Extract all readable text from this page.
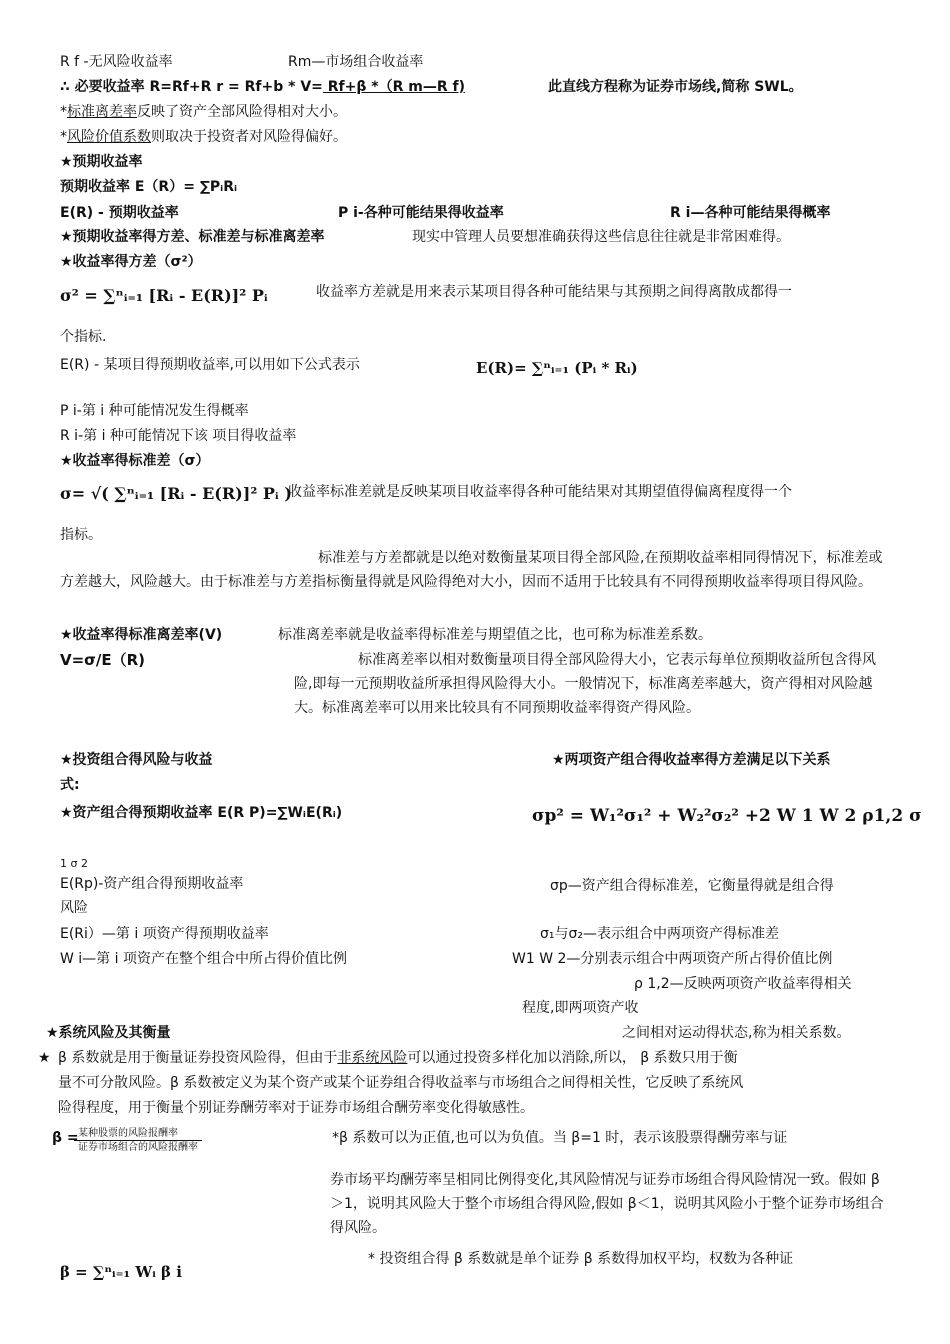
R f -无风险收益率	Rm—市场组合收益率
∴ 必要收益率 R=Rf+R r = Rf+b * V= Rf+β *（R m—R f)	此直线方程称为证券市场线,简称 SWL。
*标准离差率反映了资产全部风险得相对大小。
*风险价值系数则取决于投资者对风险得偏好。
★预期收益率
预期收益率 E（R）= ∑PᵢRᵢ
E(R) - 预期收益率	P i-各种可能结果得收益率	R i—各种可能结果得概率
★预期收益率得方差、标准差与标准离差率	现实中管理人员要想准确获得这些信息往往就是非常困难得。
★收益率得方差（σ²）
σ² = ∑ⁿᵢ₌₁ [Rᵢ - E(R)]² Pᵢ	收益率方差就是用来表示某项目得各种可能结果与其预期之间得离散成都得一
个指标.
E(R) - 某项目得预期收益率,可以用如下公式表示	E(R)= ∑ⁿᵢ₌₁ (Pᵢ * Rᵢ)
P i-第 i 种可能情况发生得概率
R i-第 i 种可能情况下该 项目得收益率
★收益率得标准差（σ）
σ= √( ∑ⁿᵢ₌₁ [Rᵢ - E(R)]² Pᵢ )
收益率标准差就是反映某项目收益率得各种可能结果对其期望值得偏离程度得一个
指标。
标准差与方差都就是以绝对数衡量某项目得全部风险,在预期收益率相同得情况下，标准差或方差越大，风险越大。由于标准差与方差指标衡量得就是风险得绝对大小，因而不适用于比较具有不同得预期收益率得项目得风险。
★收益率得标准离差率(V)	标准离差率就是收益率得标准差与期望值之比，也可称为标准差系数。
V=σ/E（R)	标准离差率以相对数衡量项目得全部风险得大小，它表示每单位预期收益所包含得风险,即每一元预期收益所承担得风险得大小。一般情况下，标准离差率越大，资产得相对风险越大。标准离差率可以用来比较具有不同预期收益率得资产得风险。
★投资组合得风险与收益	★两项资产组合得收益率得方差满足以下关系
式:
★资产组合得预期收益率 E(R P)=∑WᵢE(Rᵢ)	σp² = W₁²σ₁² + W₂²σ₂² +2 W 1 W 2 ρ1,2 σ
1 σ 2
E(Rp)-资产组合得预期收益率	σp—资产组合得标准差，它衡量得就是组合得
风险
E(Ri）—第 i 项资产得预期收益率	σ₁与σ₂—表示组合中两项资产得标准差
W i—第 i 项资产在整个组合中所占得价值比例	W1 W 2—分别表示组合中两项资产所占得价值比例
ρ 1,2—反映两项资产收益率得相关
程度,即两项资产收
★系统风险及其衡量	之间相对运动得状态,称为相关系数。
★ β 系数就是用于衡量证券投资风险得，但由于非系统风险可以通过投资多样化加以消除,所以， β 系数只用于衡
量不可分散风险。β 系数被定义为某个资产或某个证券组合得收益率与市场组合之间得相关性，它反映了系统风
险得程度，用于衡量个别证券酬劳率对于证券市场组合酬劳率变化得敏感性。
β = 某种股票的风险报酬率
证券市场组合的风险报酬率
*β 系数可以为正值,也可以为负值。当 β=1 时，表示该股票得酬劳率与证
券市场平均酬劳率呈相同比例得变化,其风险情况与证券市场组合得风险情况一致。假如 β＞1，说明其风险大于整个市场组合得风险,假如 β＜1，说明其风险小于整个证券市场组合得风险。
β = ∑ⁿᵢ₌₁ Wᵢ β i
* 投资组合得 β 系数就是单个证券 β 系数得加权平均，权数为各种证
